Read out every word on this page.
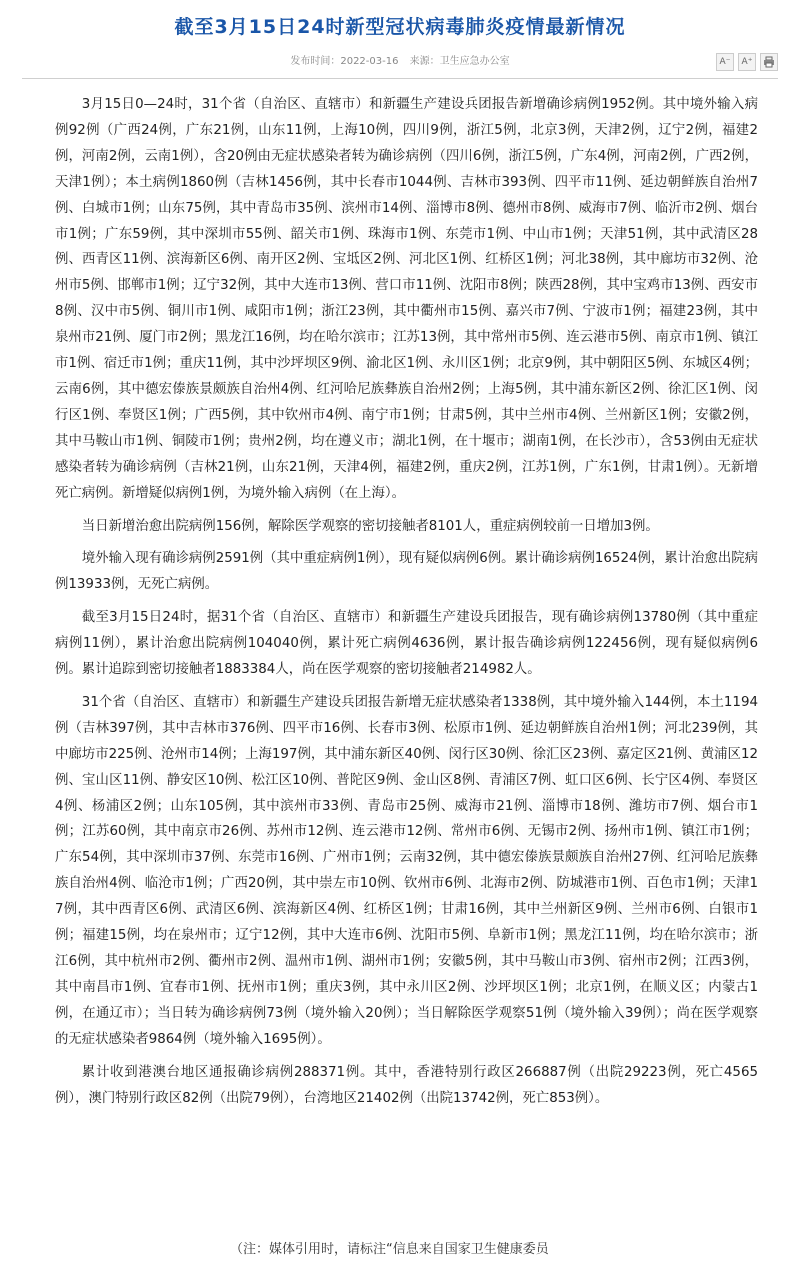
截至3月15日24时新型冠状病毒肺炎疫情最新情况
发布时间：2022-03-16 来源：卫生应急办公室	A⁻	A⁺

3月15日0—24时，31个省（自治区、直辖市）和新疆生产建设兵团报告新增确诊病例1952例。其中境外输入病例92例（广西24例，广东21例，山东11例，上海10例，四川9例，浙江5例，北京3例，天津2例，辽宁2例，福建2例，河南2例，云南1例），含20例由无症状感染者转为确诊病例（四川6例，浙江5例，广东4例，河南2例，广西2例，天津1例）；本土病例1860例（吉林1456例，其中长春市1044例、吉林市393例、四平市11例、延边朝鲜族自治州7例、白城市1例；山东75例，其中青岛市35例、滨州市14例、淄博市8例、德州市8例、威海市7例、临沂市2例、烟台市1例；广东59例，其中深圳市55例、韶关市1例、珠海市1例、东莞市1例、中山市1例；天津51例，其中武清区28例、西青区11例、滨海新区6例、南开区2例、宝坻区2例、河北区1例、红桥区1例；河北38例，其中廊坊市32例、沧州市5例、邯郸市1例；辽宁32例，其中大连市13例、营口市11例、沈阳市8例；陕西28例，其中宝鸡市13例、西安市8例、汉中市5例、铜川市1例、咸阳市1例；浙江23例，其中衢州市15例、嘉兴市7例、宁波市1例；福建23例，其中泉州市21例、厦门市2例；黑龙江16例，均在哈尔滨市；江苏13例，其中常州市5例、连云港市5例、南京市1例、镇江市1例、宿迁市1例；重庆11例，其中沙坪坝区9例、渝北区1例、永川区1例；北京9例，其中朝阳区5例、东城区4例；云南6例，其中德宏傣族景颇族自治州4例、红河哈尼族彝族自治州2例；上海5例，其中浦东新区2例、徐汇区1例、闵行区1例、奉贤区1例；广西5例，其中钦州市4例、南宁市1例；甘肃5例，其中兰州市4例、兰州新区1例；安徽2例，其中马鞍山市1例、铜陵市1例；贵州2例，均在遵义市；湖北1例，在十堰市；湖南1例，在长沙市），含53例由无症状感染者转为确诊病例（吉林21例，山东21例，天津4例，福建2例，重庆2例，江苏1例，广东1例，甘肃1例）。无新增死亡病例。新增疑似病例1例，为境外输入病例（在上海）。

当日新增治愈出院病例156例，解除医学观察的密切接触者8101人，重症病例较前一日增加3例。

境外输入现有确诊病例2591例（其中重症病例1例），现有疑似病例6例。累计确诊病例16524例，累计治愈出院病例13933例，无死亡病例。

截至3月15日24时，据31个省（自治区、直辖市）和新疆生产建设兵团报告，现有确诊病例13780例（其中重症病例11例），累计治愈出院病例104040例，累计死亡病例4636例，累计报告确诊病例122456例，现有疑似病例6例。累计追踪到密切接触者1883384人，尚在医学观察的密切接触者214982人。

31个省（自治区、直辖市）和新疆生产建设兵团报告新增无症状感染者1338例，其中境外输入144例，本土1194例（吉林397例，其中吉林市376例、四平市16例、长春市3例、松原市1例、延边朝鲜族自治州1例；河北239例，其中廊坊市225例、沧州市14例；上海197例，其中浦东新区40例、闵行区30例、徐汇区23例、嘉定区21例、黄浦区12例、宝山区11例、静安区10例、松江区10例、普陀区9例、金山区8例、青浦区7例、虹口区6例、长宁区4例、奉贤区4例、杨浦区2例；山东105例，其中滨州市33例、青岛市25例、威海市21例、淄博市18例、潍坊市7例、烟台市1例；江苏60例，其中南京市26例、苏州市12例、连云港市12例、常州市6例、无锡市2例、扬州市1例、镇江市1例；广东54例，其中深圳市37例、东莞市16例、广州市1例；云南32例，其中德宏傣族景颇族自治州27例、红河哈尼族彝族自治州4例、临沧市1例；广西20例，其中崇左市10例、钦州市6例、北海市2例、防城港市1例、百色市1例；天津17例，其中西青区6例、武清区6例、滨海新区4例、红桥区1例；甘肃16例，其中兰州新区9例、兰州市6例、白银市1例；福建15例，均在泉州市；辽宁12例，其中大连市6例、沈阳市5例、阜新市1例；黑龙江11例，均在哈尔滨市；浙江6例，其中杭州市2例、衢州市2例、温州市1例、湖州市1例；安徽5例，其中马鞍山市3例、宿州市2例；江西3例，其中南昌市1例、宜春市1例、抚州市1例；重庆3例，其中永川区2例、沙坪坝区1例；北京1例，在顺义区；内蒙古1例，在通辽市）；当日转为确诊病例73例（境外输入20例）；当日解除医学观察51例（境外输入39例）；尚在医学观察的无症状感染者9864例（境外输入1695例）。

累计收到港澳台地区通报确诊病例288371例。其中，香港特别行政区266887例（出院29223例，死亡4565例），澳门特别行政区82例（出院79例），台湾地区21402例（出院13742例，死亡853例）。

（注：媒体引用时，请标注“信息来自国家卫生健康委员
